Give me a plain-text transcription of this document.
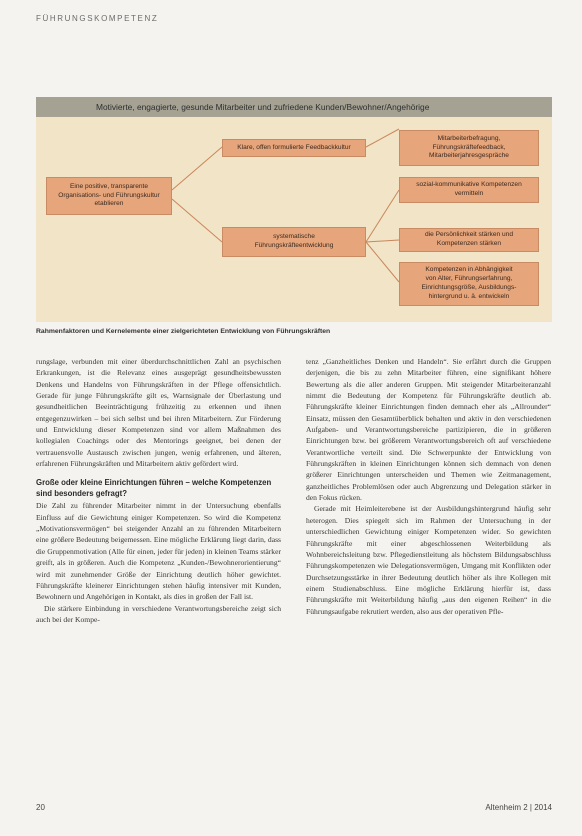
FÜHRUNGSKOMPETENZ
Motivierte, engagierte, gesunde Mitarbeiter und zufriedene Kunden/Bewohner/Angehörige
Eine positive, transparente
Organisations- und Führungskultur
etablieren
Klare, offen formulierte Feedbackkultur
systematische
Führungskräfteentwicklung
Mitarbeiterbefragung,
Führungskräftefeedback,
Mitarbeiterjahresgespräche
sozial-kommunikative Kompetenzen
vermitteln
die Persönlichkeit stärken und
Kompetenzen stärken
Kompetenzen in Abhängigkeit
von Alter, Führungserfahrung,
Einrichtungsgröße, Ausbildungs-
hintergrund u. ä. entwickeln
Rahmenfaktoren und Kernelemente einer zielgerichteten Entwicklung von Führungskräften

rungslage, verbunden mit einer überdurchschnittlichen Zahl an psychischen Erkrankungen, ist die Relevanz eines ausgeprägt gesundheitsbewussten Denkens und Handelns von Führungskräften in der Pflege offensichtlich. Gerade für junge Führungskräfte gilt es, Warnsignale der Überlastung und gesundheitlichen Beeinträchtigung frühzeitig zu erkennen und ihnen entgegenzuwirken – bei sich selbst und bei ihren Mitarbeitern. Zur Förderung und Entwicklung dieser Kompetenzen sind vor allem Maßnahmen des kollegialen Coachings oder des Mentorings geeignet, bei denen der vertrauensvolle Austausch zwischen jungen, wenig erfahrenen, und älteren, erfahrenen Führungskräften und Mitarbeitern aktiv gefördert wird.

Große oder kleine Einrichtungen führen – welche Kompetenzen sind besonders gefragt?

Die Zahl zu führender Mitarbeiter nimmt in der Untersuchung ebenfalls Einfluss auf die Gewichtung einiger Kompetenzen. So wird die Kompetenz „Motivationsvermögen“ bei steigender Anzahl an zu führenden Mitarbeitern eine größere Bedeutung beigemessen. Eine mögliche Erklärung liegt darin, dass die Gruppenmotivation (Alle für einen, jeder für jeden) in kleinen Teams stärker greift, als in größeren. Auch die Kompetenz „Kunden-/Bewohnerorientierung“ wird mit zunehmender Größe der Einrichtung deutlich höher gewichtet. Führungskräfte kleinerer Einrichtungen stehen häufig intensiver mit Kunden, Bewohnern und Angehörigen in Kontakt, als dies in großen der Fall ist.

Die stärkere Einbindung in verschiedene Verantwortungsbereiche zeigt sich auch bei der Kompe-

tenz „Ganzheitliches Denken und Handeln“. Sie erfährt durch die Gruppen derjenigen, die bis zu zehn Mitarbeiter führen, eine signifikant höhere Bewertung als die aller anderen Gruppen. Mit steigender Mitarbeiteranzahl nimmt die Bedeutung der Kompetenz für Führungskräfte deutlich ab. Führungskräfte kleiner Einrichtungen finden demnach eher als „Allrounder“ Einsatz, müssen den Gesamtüberblick behalten und aktiv in den verschiedenen Aufgaben- und Verantwortungsbereiche partizipieren, die in größeren Einrichtungen bzw. bei größerem Verantwortungsbereich oft auf verschiedene Verantwortliche verteilt sind. Die Schwerpunkte der Entwicklung von Führungskräften in kleinen Einrichtungen können sich demnach von denen größerer Einrichtungen unterscheiden und Themen wie Zeitmanagement, ganzheitliches Problemlösen oder auch Abgrenzung und Delegation stärker in den Fokus rücken.

Gerade mit Heimleiterebene ist der Ausbildungshintergrund häufig sehr heterogen. Dies spiegelt sich im Rahmen der Untersuchung in der unterschiedlichen Gewichtung einiger Kompetenzen wider. So gewichten Führungskräfte mit einer abgeschlossenen Weiterbildung als Wohnbereichsleitung bzw. Pflegedienstleitung als höchstem Bildungsabschluss Führungskompetenzen wie Delegationsvermögen, Umgang mit Konflikten oder Durchsetzungsstärke in ihrer Bedeutung deutlich höher als ihre Kollegen mit einem Studienabschluss. Eine mögliche Erklärung hierfür ist, dass Führungskräfte mit Weiterbildung häufig „aus den eigenen Reihen“ in die Führungsaufgabe rekrutiert werden, also aus der operativen Pfle-

20	Altenheim 2 | 2014
